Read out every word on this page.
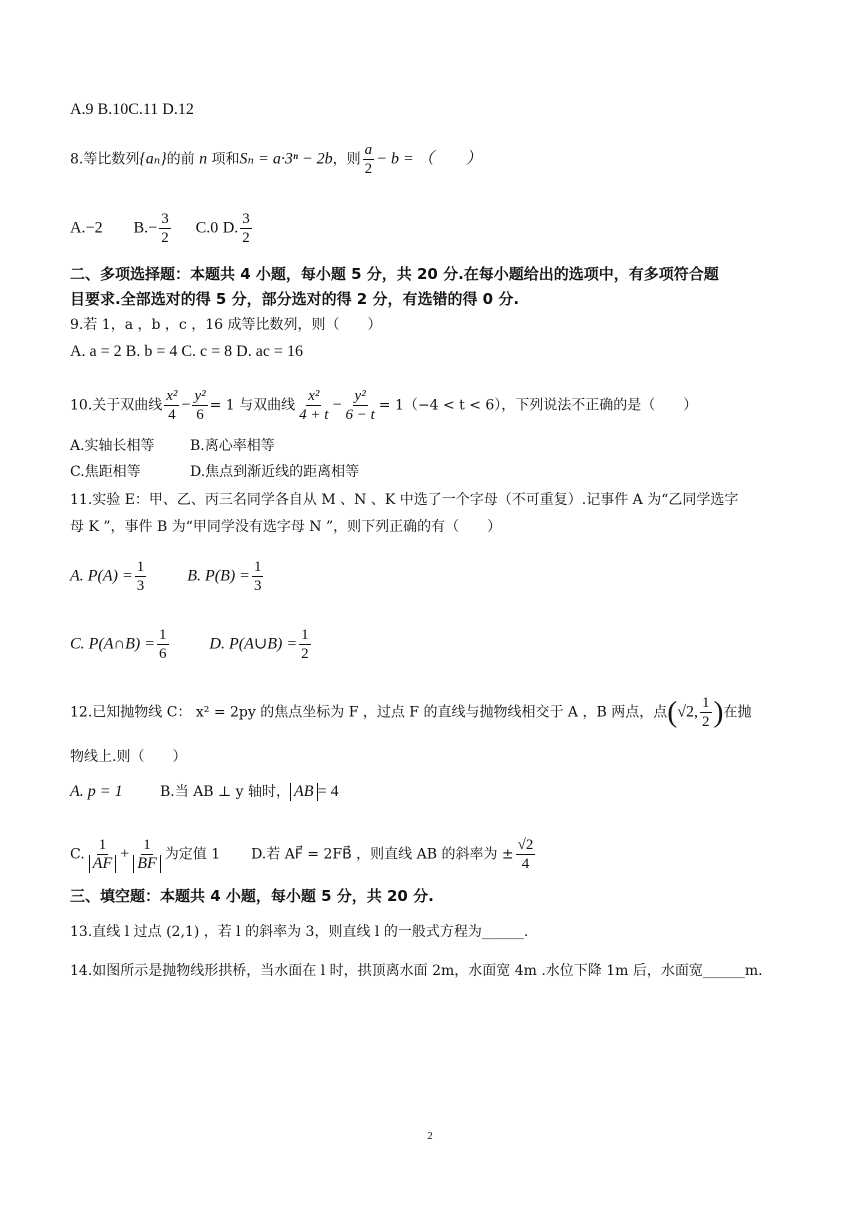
A.9 B.10C.11 D.12
8.等比数列{aₙ}的前 n 项和Sₙ = a·3ⁿ − 2b，则 $\frac{a}{2} - b$ = （　　）
A.−2 $B.- \frac{3}{2} C.0$ D. $\frac{3}{2}$
二、多项选择题：本题共 4 小题，每小题 5 分，共 20 分.在每小题给出的选项中，有多项符合题
目要求.全部选对的得 5 分，部分选对的得 2 分，有选错的得 0 分.
9.若 1，a ，b ，c ，16 成等比数列，则（　　）
A. a = 2 B. b = 4 C. c = 8 D. ac = 16
10.关于双曲线 $\frac{\text{x²}}{4} - \frac{\text{y²}}{6} = 1$ 与双曲线 $\frac{\text{x²}}{4 + t} - \frac{\text{y²}}{6 - t} = 1(-4 < t < 6)$，下列说法不正确的是（　　）
A.实轴长相等	B.离心率相等
C.焦距相等	D.焦点到渐近线的距离相等
11.实验 E：甲、乙、丙三名同学各自从 M 、N 、K 中选了一个字母（不可重复）.记事件 A 为“乙同学选字
母 K ”，事件 B 为“甲同学没有选字母 N ”，则下列正确的有（　　）
A. $P(A) = \frac{1}{3}$	B. $P(B) = \frac{1}{3}$
C. P(A∩B) = $\frac{1}{6}$	D. P(A∪B) = $\frac{1}{2}$
12.已知抛物线 C： x² = 2py 的焦点坐标为 F ，过点 F 的直线与抛物线相交于 A ，B 两点，点(√2, $\frac{1}{2}$ )在抛
物线上.则（　　）
A. p = 1	B.当 AB ⊥ y 轴时， AB = 4
C. $\frac{1}{AF} + \frac{1}{BF}$ 为定值 1 D.若 AF⃗ = 2FB⃗ ，则直线 AB 的斜率为 ± $\frac{√2}{4}$
三、填空题：本题共 4 小题，每小题 5 分，共 20 分.
13.直线 l 过点 (2,1) ，若 l 的斜率为 3，则直线 l 的一般式方程为______.
14.如图所示是抛物线形拱桥，当水面在 l 时，拱顶离水面 2m，水面宽 4m .水位下降 1m 后，水面宽______m.
2
